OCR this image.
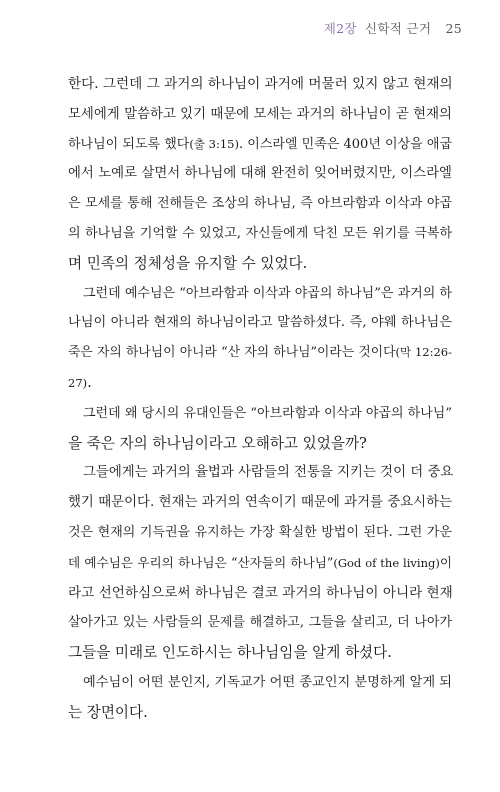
제2장 신학적 근거 25

한다. 그런데 그 과거의 하나님이 과거에 머물러 있지 않고 현재의

모세에게 말씀하고 있기 때문에 모세는 과거의 하나님이 곧 현재의

하나님이 되도록 했다(출 3:15). 이스라엘 민족은 400년 이상을 애굽

에서 노예로 살면서 하나님에 대해 완전히 잊어버렸지만, 이스라엘

은 모세를 통해 전해들은 조상의 하나님, 즉 아브라함과 이삭과 야곱

의 하나님을 기억할 수 있었고, 자신들에게 닥친 모든 위기를 극복하

며 민족의 정체성을 유지할 수 있었다.

그런데 예수님은 “아브라함과 이삭과 야곱의 하나님”은 과거의 하

나님이 아니라 현재의 하나님이라고 말씀하셨다. 즉, 야웨 하나님은

죽은 자의 하나님이 아니라 “산 자의 하나님”이라는 것이다(막 12:26-

27).

그런데 왜 당시의 유대인들은 “아브라함과 이삭과 야곱의 하나님”

을 죽은 자의 하나님이라고 오해하고 있었을까?

그들에게는 과거의 율법과 사람들의 전통을 지키는 것이 더 중요

했기 때문이다. 현재는 과거의 연속이기 때문에 과거를 중요시하는

것은 현재의 기득권을 유지하는 가장 확실한 방법이 된다. 그런 가운

데 예수님은 우리의 하나님은 “산자들의 하나님”(God of the living)이

라고 선언하심으로써 하나님은 결코 과거의 하나님이 아니라 현재

살아가고 있는 사람들의 문제를 해결하고, 그들을 살리고, 더 나아가

그들을 미래로 인도하시는 하나님임을 알게 하셨다.

예수님이 어떤 분인지, 기독교가 어떤 종교인지 분명하게 알게 되

는 장면이다.
